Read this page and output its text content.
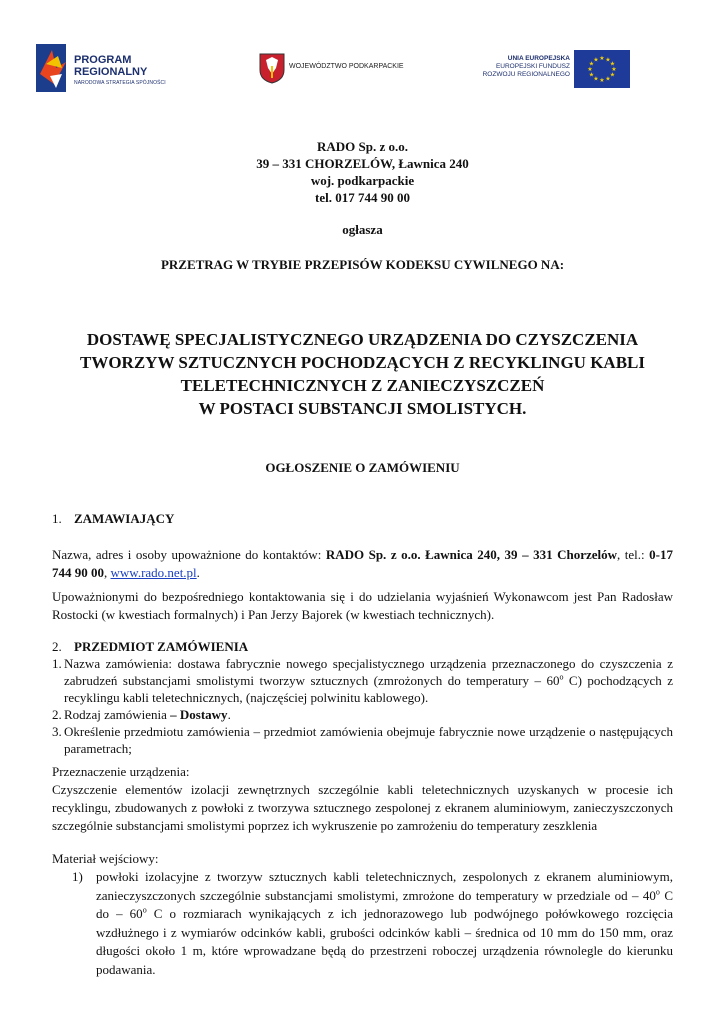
PROGRAM
REGIONALNY
NARODOWA STRATEGIA SPÓJNOŚCI
WOJEWÓDZTWO PODKARPACKIE
UNIA EUROPEJSKA
EUROPEJSKI FUNDUSZ
ROZWOJU REGIONALNEGO
★ ★
★
★
★
★
★
★
★
★
★
★
RADO Sp. z o.o.
39 – 331 CHORZELÓW, Ławnica 240
woj. podkarpackie
tel. 017 744 90 00
ogłasza
PRZETRAG W TRYBIE PRZEPISÓW KODEKSU CYWILNEGO NA:
DOSTAWĘ SPECJALISTYCZNEGO URZĄDZENIA DO CZYSZCZENIA
TWORZYW SZTUCZNYCH POCHODZĄCYCH Z RECYKLINGU KABLI
TELETECHNICZNYCH Z ZANIECZYSZCZEŃ
W POSTACI SUBSTANCJI SMOLISTYCH.
OGŁOSZENIE O ZAMÓWIENIU
1. ZAMAWIAJĄCY
Nazwa, adres i osoby upoważnione do kontaktów: RADO Sp. z o.o. Ławnica 240, 39 – 331 Chorzelów, tel.: 0-17 744 90 00, www.rado.net.pl.
Upoważnionymi do bezpośredniego kontaktowania się i do udzielania wyjaśnień Wykonawcom jest Pan Radosław Rostocki (w kwestiach formalnych) i Pan Jerzy Bajorek (w kwestiach technicznych).
2. PRZEDMIOT ZAMÓWIENIA
1. Nazwa zamówienia: dostawa fabrycznie nowego specjalistycznego urządzenia przeznaczonego do czyszczenia z zabrudzeń substancjami smolistymi tworzyw sztucznych (zmrożonych do temperatury – 60$^o$ C) pochodzących z recyklingu kabli teletechnicznych, (najczęściej polwinitu kablowego).
2. Rodzaj zamówienia – Dostawy.
3. Określenie przedmiotu zamówienia – przedmiot zamówienia obejmuje fabrycznie nowe urządzenie o następujących parametrach;
Przeznaczenie urządzenia:
Czyszczenie elementów izolacji zewnętrznych szczególnie kabli teletechnicznych uzyskanych w procesie ich recyklingu, zbudowanych z powłoki z tworzywa sztucznego zespolonej z ekranem aluminiowym, zanieczyszczonych szczególnie substancjami smolistymi poprzez ich wykruszenie po zamrożeniu do temperatury zeszklenia
Materiał wejściowy:
1) powłoki izolacyjne z tworzyw sztucznych kabli teletechnicznych, zespolonych z ekranem aluminiowym, zanieczyszczonych szczególnie substancjami smolistymi, zmrożone do temperatury w przedziale od – 40$^o$ C do – 60$^o$ C o rozmiarach wynikających z ich jednorazowego lub podwójnego połówkowego rozcięcia wzdłużnego i z wymiarów odcinków kabli, grubości odcinków kabli – średnica od 10 mm do 150 mm, oraz długości około 1 m, które wprowadzane będą do przestrzeni roboczej urządzenia równolegle do kierunku podawania.
